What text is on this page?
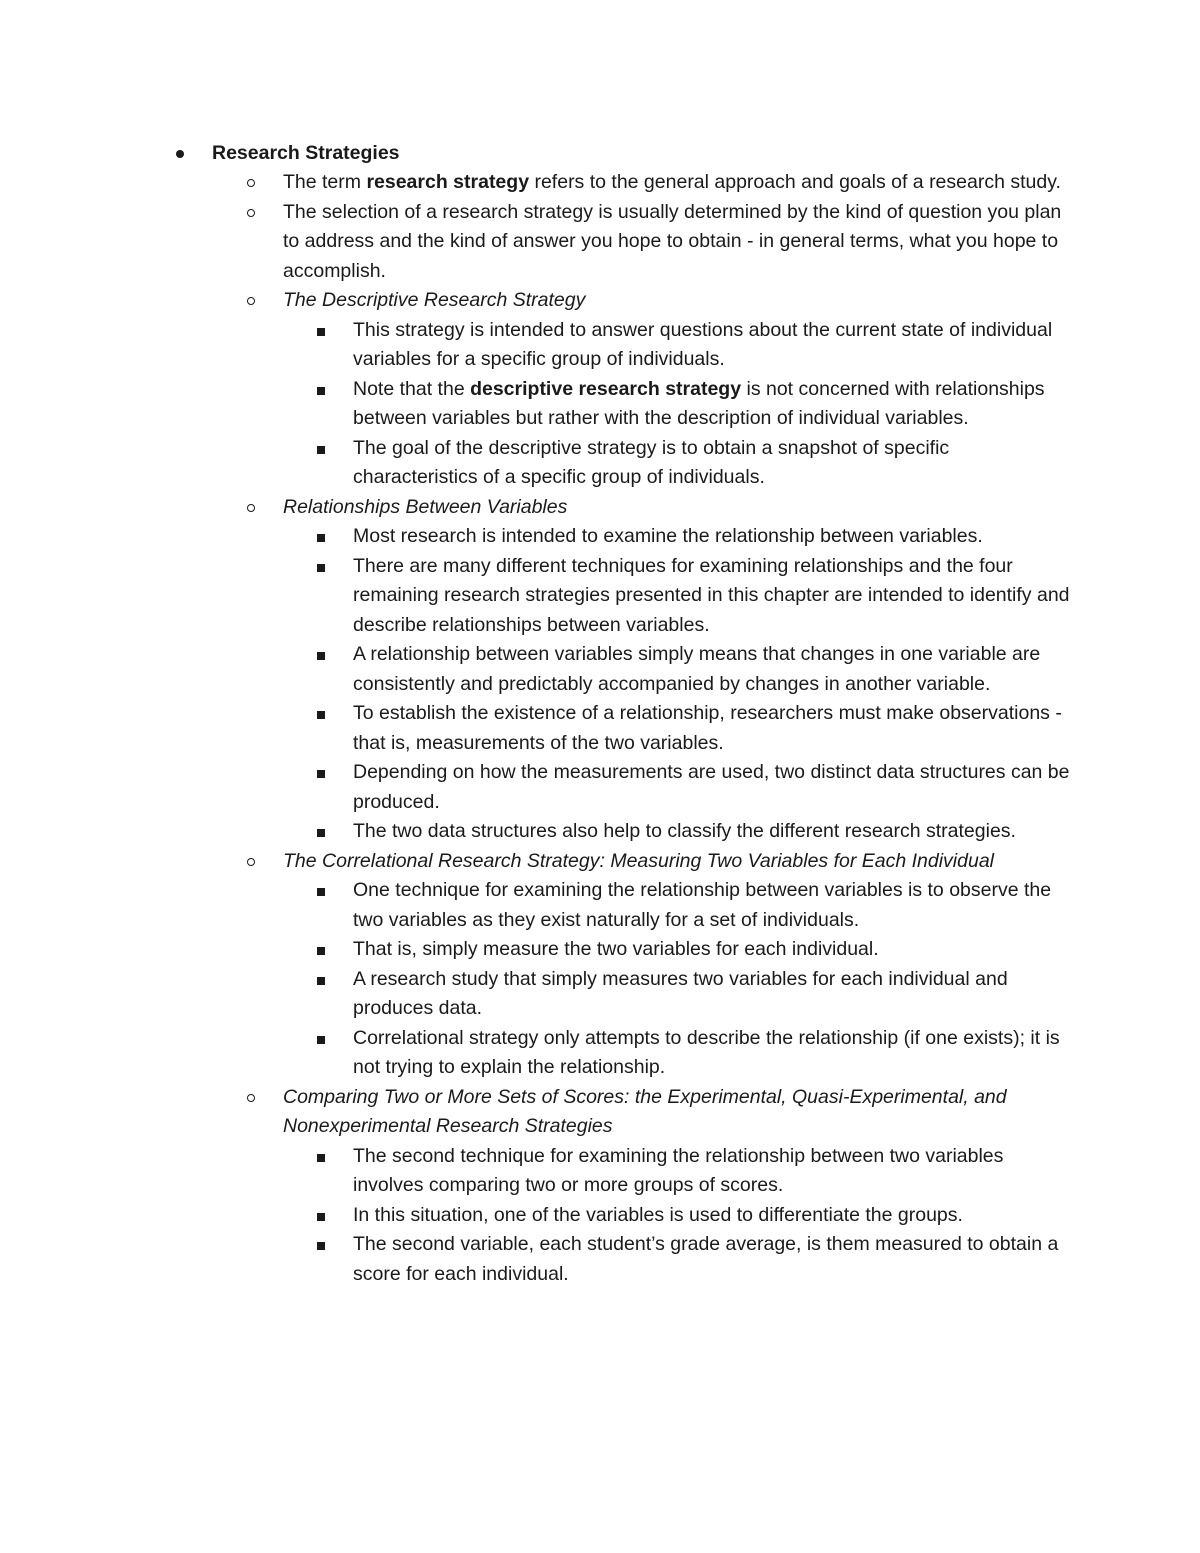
Research Strategies
The term research strategy refers to the general approach and goals of a research study.
The selection of a research strategy is usually determined by the kind of question you plan to address and the kind of answer you hope to obtain - in general terms, what you hope to accomplish.
The Descriptive Research Strategy
This strategy is intended to answer questions about the current state of individual variables for a specific group of individuals.
Note that the descriptive research strategy is not concerned with relationships between variables but rather with the description of individual variables.
The goal of the descriptive strategy is to obtain a snapshot of specific characteristics of a specific group of individuals.
Relationships Between Variables
Most research is intended to examine the relationship between variables.
There are many different techniques for examining relationships and the four remaining research strategies presented in this chapter are intended to identify and describe relationships between variables.
A relationship between variables simply means that changes in one variable are consistently and predictably accompanied by changes in another variable.
To establish the existence of a relationship, researchers must make observations - that is, measurements of the two variables.
Depending on how the measurements are used, two distinct data structures can be produced.
The two data structures also help to classify the different research strategies.
The Correlational Research Strategy: Measuring Two Variables for Each Individual
One technique for examining the relationship between variables is to observe the two variables as they exist naturally for a set of individuals.
That is, simply measure the two variables for each individual.
A research study that simply measures two variables for each individual and produces data.
Correlational strategy only attempts to describe the relationship (if one exists); it is not trying to explain the relationship.
Comparing Two or More Sets of Scores: the Experimental, Quasi-Experimental, and Nonexperimental Research Strategies
The second technique for examining the relationship between two variables involves comparing two or more groups of scores.
In this situation, one of the variables is used to differentiate the groups.
The second variable, each student’s grade average, is them measured to obtain a score for each individual.
